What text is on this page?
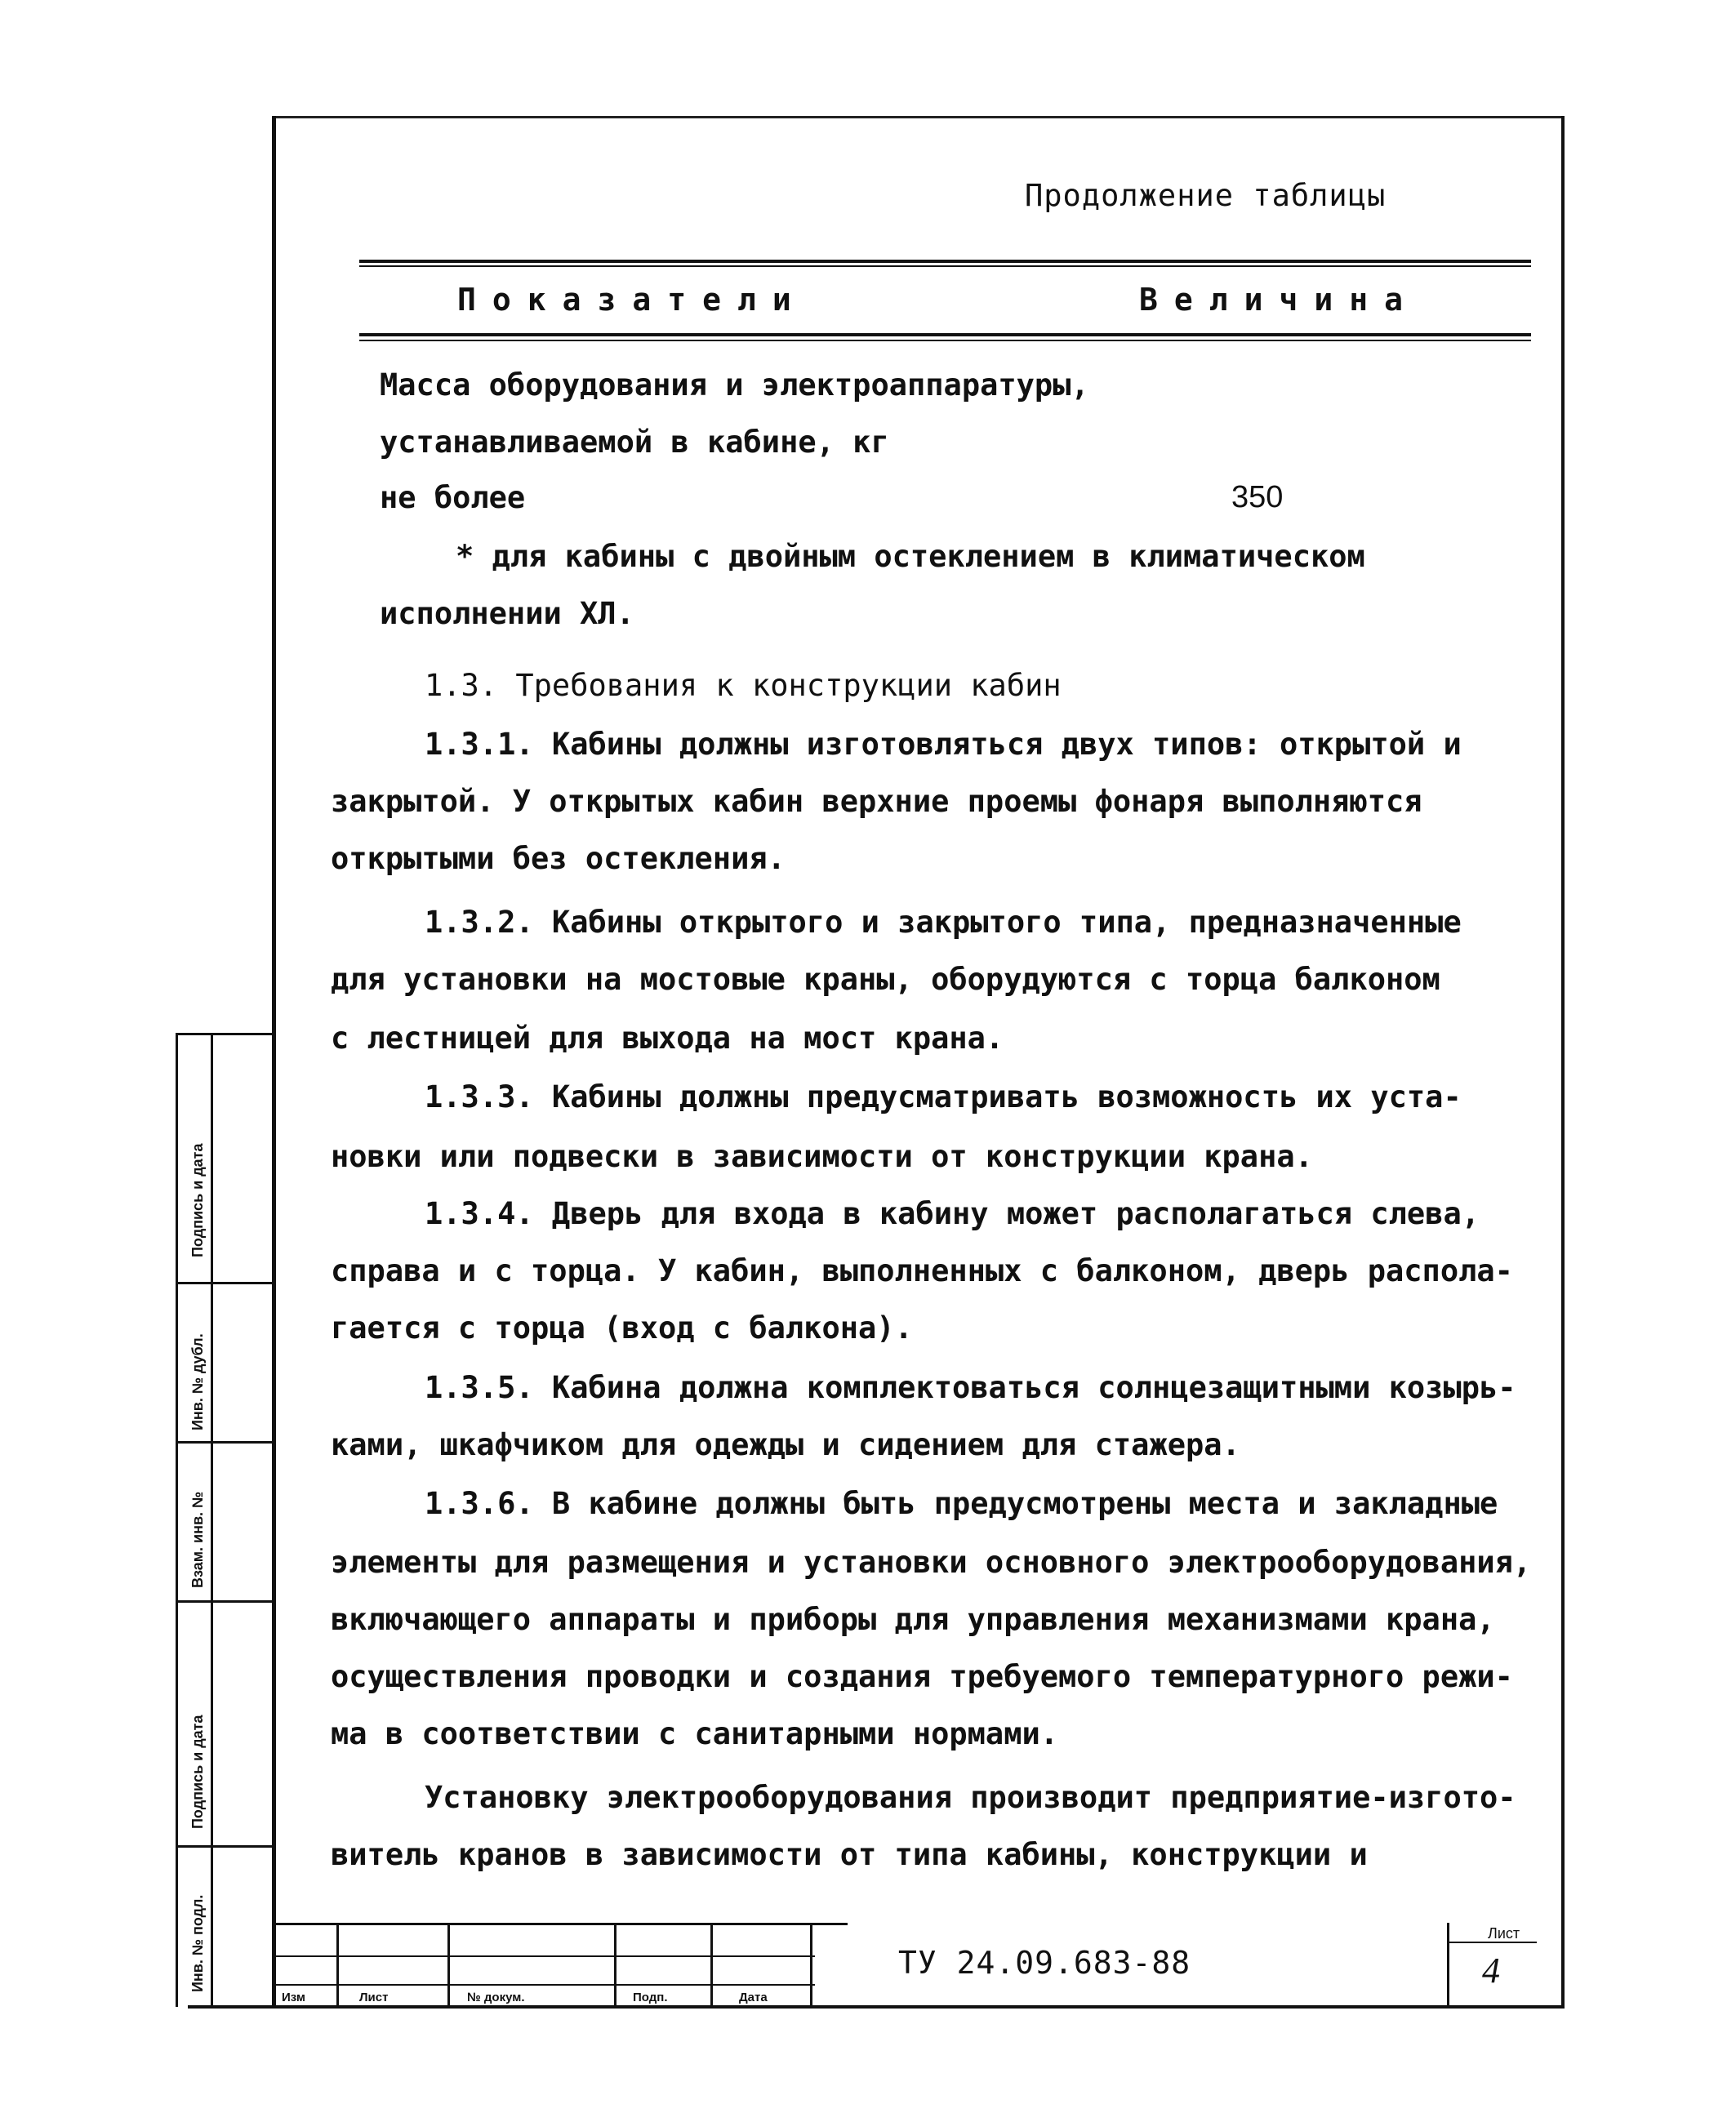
Продолжение таблицы
Показатели	Величина
Масса оборудования и электроаппаратуры,
устанавливаемой в кабине, кг
не более	350
* для кабины с двойным остеклением в климатическом
исполнении ХЛ.
1.3. Требования к конструкции кабин
1.3.1. Кабины должны изготовляться двух типов: открытой и
закрытой. У открытых кабин верхние проемы фонаря выполняются
открытыми без остекления.
1.3.2. Кабины открытого и закрытого типа, предназначенные
для установки на мостовые краны, оборудуются с торца балконом
с лестницей для выхода на мост крана.
1.3.3. Кабины должны предусматривать возможность их уста-
новки или подвески в зависимости от конструкции крана.
1.3.4. Дверь для входа в кабину может располагаться слева,
справа и с торца. У кабин, выполненных с балконом, дверь распола-
гается с торца (вход с балкона).
1.3.5. Кабина должна комплектоваться солнцезащитными козырь-
ками, шкафчиком для одежды и сидением для стажера.
1.3.6. В кабине должны быть предусмотрены места и закладные
элементы для размещения и установки основного электрооборудования,
включающего аппараты и приборы для управления механизмами крана,
осуществления проводки и создания требуемого температурного режи-
ма в соответствии с санитарными нормами.
Установку электрооборудования производит предприятие-изгото-
витель кранов в зависимости от типа кабины, конструкции и
Подпись и дата
Инв. № дубл.
Взам. инв. №
Подпись и дата
Инв. № подл.
Изм	Лист	№ докум.	Подп.	Дата
ТУ 24.09.683-88
Лист
4
